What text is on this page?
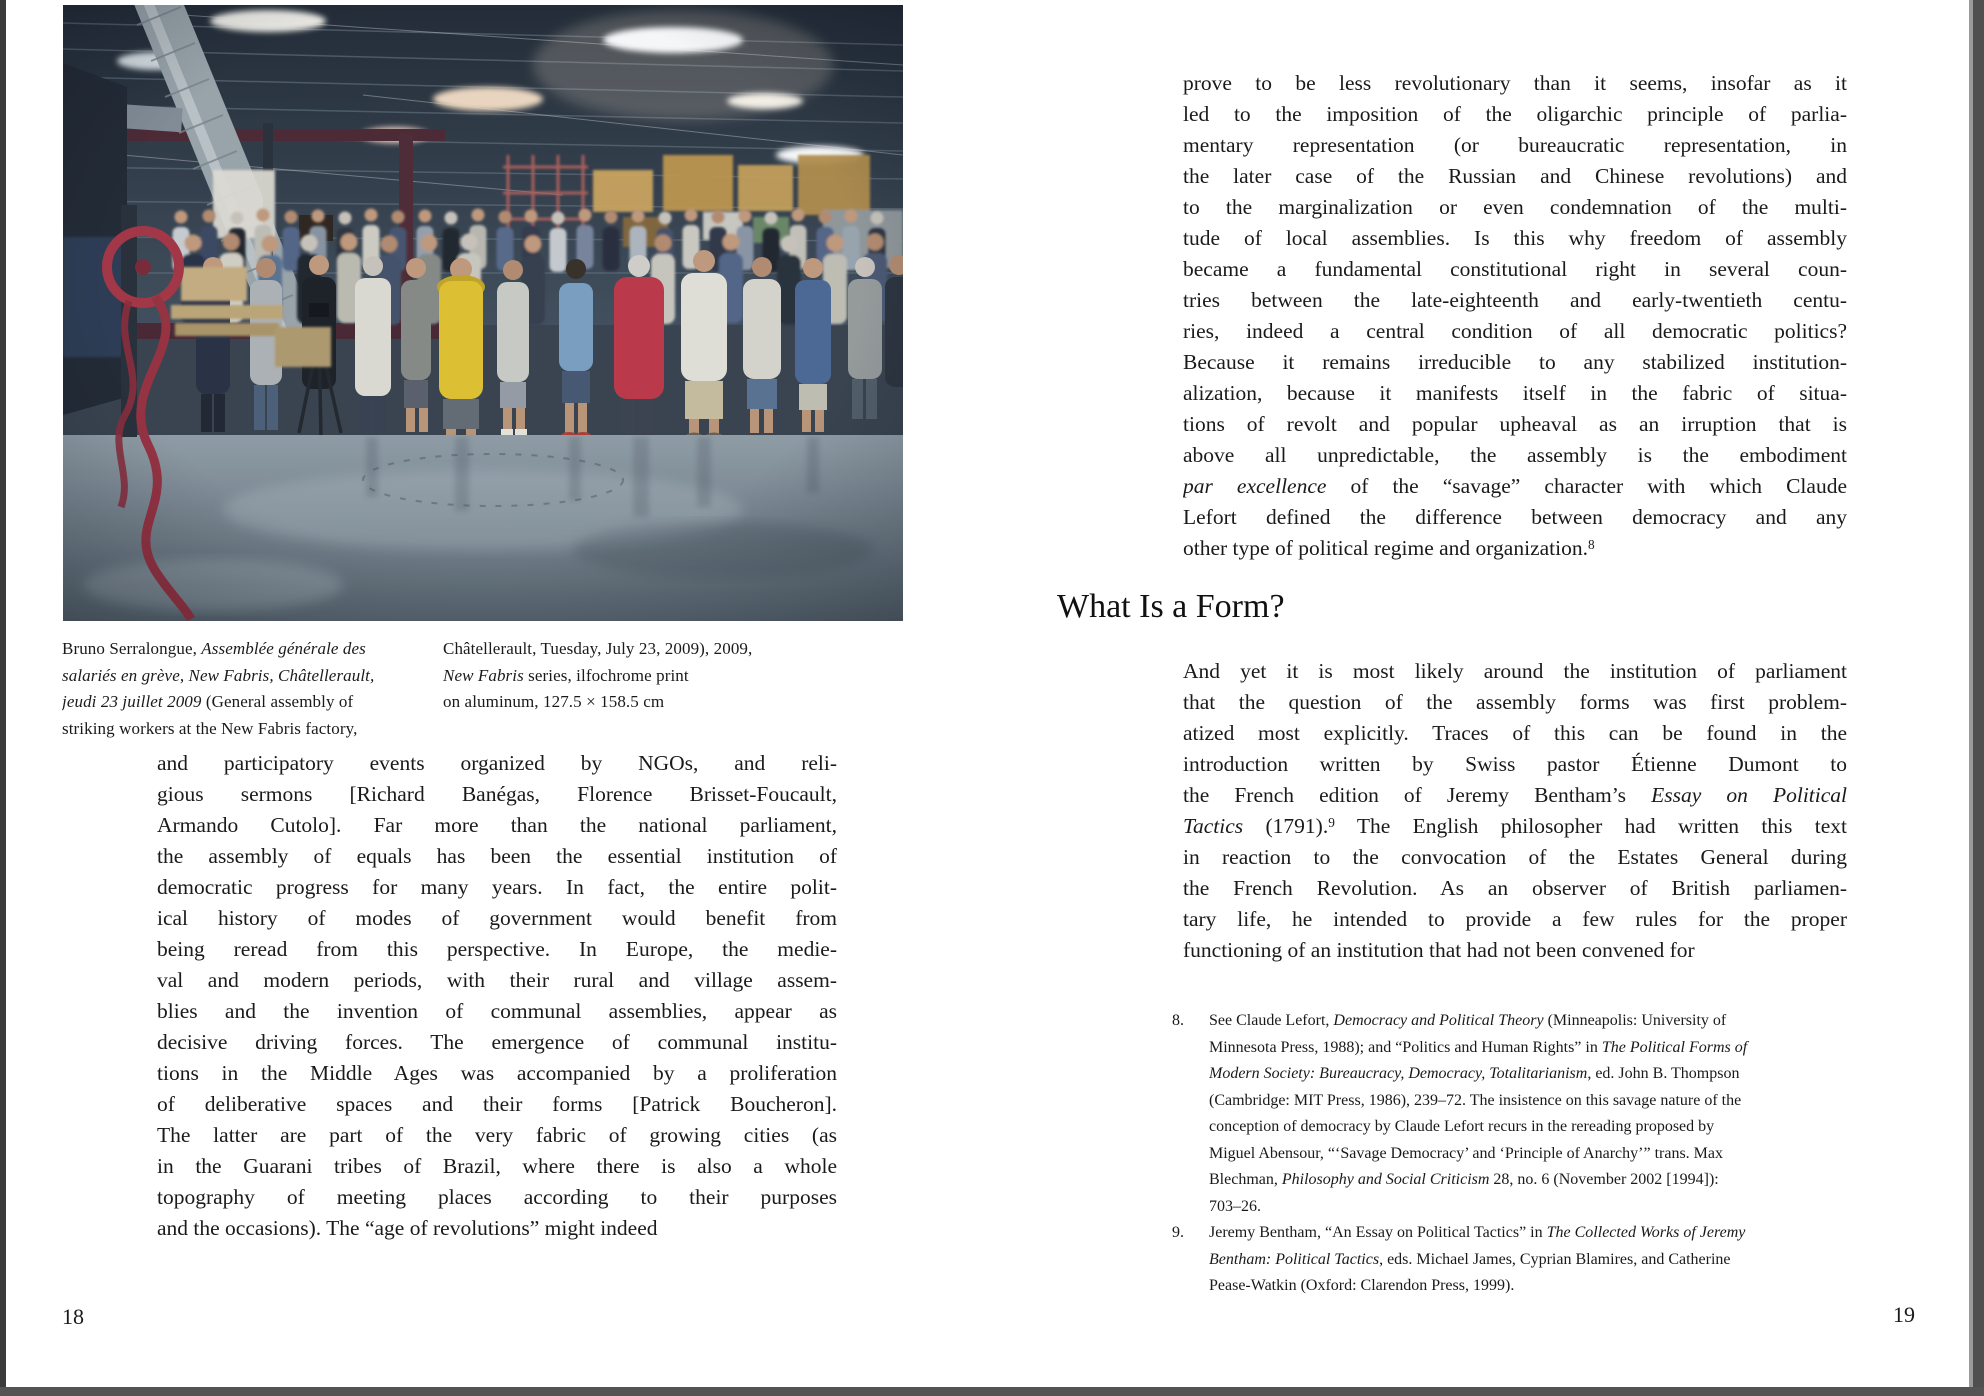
Bruno Serralongue, Assemblée générale des
salariés en grève, New Fabris, Châtellerault,
jeudi 23 juillet 2009 (General assembly of
striking workers at the New Fabris factory,
Châtellerault, Tuesday, July 23, 2009), 2009,
New Fabris series, ilfochrome print
on aluminum, 127.5 × 158.5 cm
and participatory events organized by NGOs, and reli-
gious sermons [Richard Banégas, Florence Brisset-Foucault,
Armando Cutolo]. Far more than the national parliament,
the assembly of equals has been the essential institution of
democratic progress for many years. In fact, the entire polit-
ical history of modes of government would benefit from
being reread from this perspective. In Europe, the medie-
val and modern periods, with their rural and village assem-
blies and the invention of communal assemblies, appear as
decisive driving forces. The emergence of communal institu-
tions in the Middle Ages was accompanied by a proliferation
of deliberative spaces and their forms [Patrick Boucheron].
The latter are part of the very fabric of growing cities (as
in the Guarani tribes of Brazil, where there is also a whole
topography of meeting places according to their purposes
and the occasions). The “age of revolutions” might indeed
18
prove to be less revolutionary than it seems, insofar as it
led to the imposition of the oligarchic principle of parlia-
mentary representation (or bureaucratic representation, in
the later case of the Russian and Chinese revolutions) and
to the marginalization or even condemnation of the multi-
tude of local assemblies. Is this why freedom of assembly
became a fundamental constitutional right in several coun-
tries between the late-eighteenth and early-twentieth centu-
ries, indeed a central condition of all democratic politics?
Because it remains irreducible to any stabilized institution-
alization, because it manifests itself in the fabric of situa-
tions of revolt and popular upheaval as an irruption that is
above all unpredictable, the assembly is the embodiment
par excellence of the “savage” character with which Claude
Lefort defined the difference between democracy and any
other type of political regime and organization.$^8$
What Is a Form?
And yet it is most likely around the institution of parliament
that the question of the assembly forms was first problem-
atized most explicitly. Traces of this can be found in the
introduction written by Swiss pastor Étienne Dumont to
the French edition of Jeremy Bentham’s Essay on Political
Tactics (1791).$^9$ The English philosopher had written this text
in reaction to the convocation of the Estates General during
the French Revolution. As an observer of British parliamen-
tary life, he intended to provide a few rules for the proper
functioning of an institution that had not been convened for
8.	See Claude Lefort, Democracy and Political Theory (Minneapolis: University of
Minnesota Press, 1988); and “Politics and Human Rights” in The Political Forms of
Modern Society: Bureaucracy, Democracy, Totalitarianism, ed. John B. Thompson
(Cambridge: MIT Press, 1986), 239–72. The insistence on this savage nature of the
conception of democracy by Claude Lefort recurs in the rereading proposed by
Miguel Abensour, “‘Savage Democracy’ and ‘Principle of Anarchy’” trans. Max
Blechman, Philosophy and Social Criticism 28, no. 6 (November 2002 [1994]):
703–26.
9.	Jeremy Bentham, “An Essay on Political Tactics” in The Collected Works of Jeremy
Bentham: Political Tactics, eds. Michael James, Cyprian Blamires, and Catherine
Pease-Watkin (Oxford: Clarendon Press, 1999).
19
